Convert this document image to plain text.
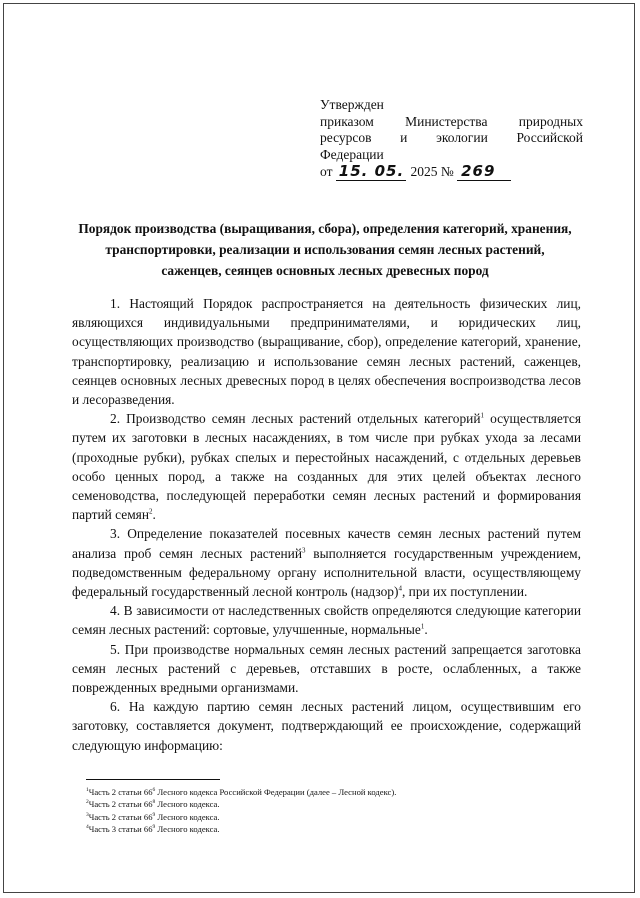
Утвержден
приказом Министерства природных
ресурсов и экологии Российской
Федерации
от 15. 05. 2025 № 269
Порядок производства (выращивания, сбора), определения категорий, хранения, транспортировки, реализации и использования семян лесных растений, саженцев, сеянцев основных лесных древесных пород

1. Настоящий Порядок распространяется на деятельность физических лиц, являющихся индивидуальными предпринимателями, и юридических лиц, осуществляющих производство (выращивание, сбор), определение категорий, хранение, транспортировку, реализацию и использование семян лесных растений, саженцев, сеянцев основных лесных древесных пород в целях обеспечения воспроизводства лесов и лесоразведения.

2. Производство семян лесных растений отдельных категорий$^1$ осуществляется путем их заготовки в лесных насаждениях, в том числе при рубках ухода за лесами (проходные рубки), рубках спелых и перестойных насаждений, с отдельных деревьев особо ценных пород, а также на созданных для этих целей объектах лесного семеноводства, последующей переработки семян лесных растений и формирования партий семян$^2$.

3. Определение показателей посевных качеств семян лесных растений путем анализа проб семян лесных растений$^3$ выполняется государственным учреждением, подведомственным федеральному органу исполнительной власти, осуществляющему федеральный государственный лесной контроль (надзор)$^4$, при их поступлении.

4. В зависимости от наследственных свойств определяются следующие категории семян лесных растений: сортовые, улучшенные, нормальные$^1$.

5. При производстве нормальных семян лесных растений запрещается заготовка семян лесных растений с деревьев, отставших в росте, ослабленных, а также поврежденных вредными организмами.

6. На каждую партию семян лесных растений лицом, осуществившим его заготовку, составляется документ, подтверждающий ее происхождение, содержащий следующую информацию:

$^1$Часть 2 статьи $66^6$ Лесного кодекса Российской Федерации (далее – Лесной кодекс).

$^2$Часть 2 статьи $66^8$ Лесного кодекса.

$^3$Часть 2 статьи $66^9$ Лесного кодекса.

$^4$Часть 3 статьи $66^9$ Лесного кодекса.
